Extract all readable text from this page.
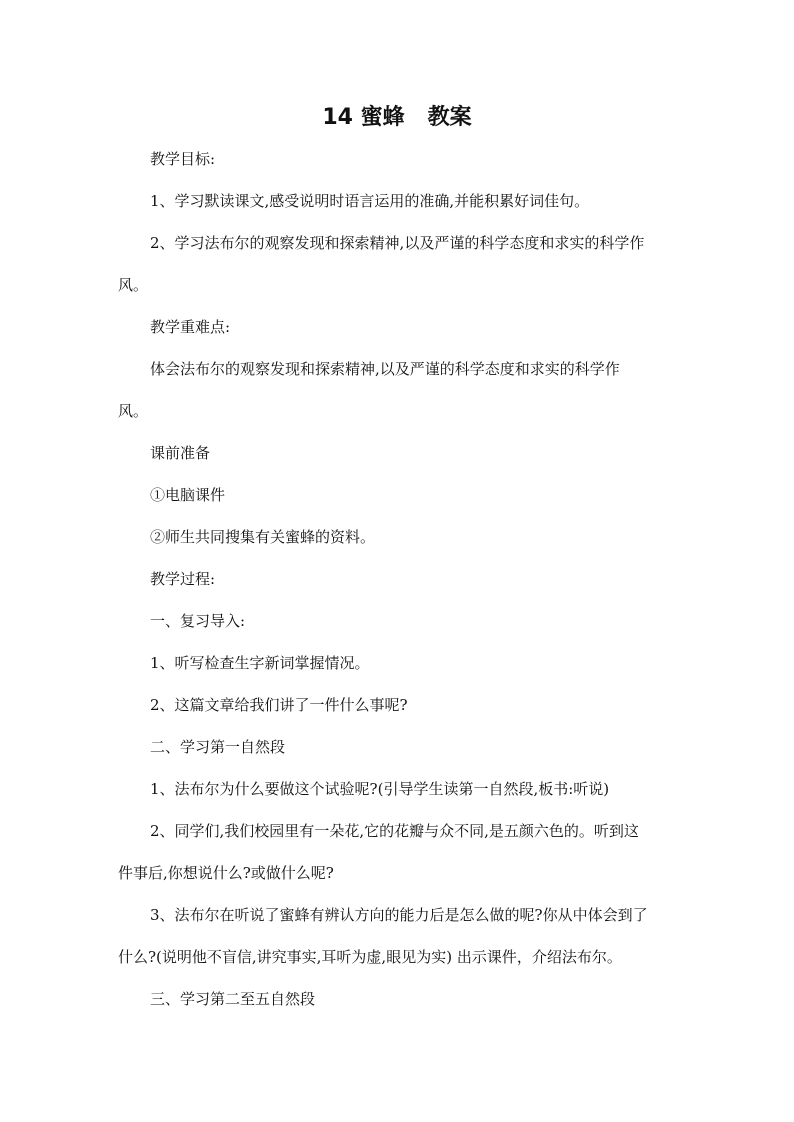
14 蜜蜂   教案
教学目标:
1、学习默读课文,感受说明时语言运用的准确,并能积累好词佳句。
2、学习法布尔的观察发现和探索精神,以及严谨的科学态度和求实的科学作
风。
教学重难点:
体会法布尔的观察发现和探索精神,以及严谨的科学态度和求实的科学作
风。
课前准备
①电脑课件
②师生共同搜集有关蜜蜂的资料。
教学过程:
一、复习导入:
1、听写检查生字新词掌握情况。
2、这篇文章给我们讲了一件什么事呢?
二、学习第一自然段
1、法布尔为什么要做这个试验呢?(引导学生读第一自然段,板书:听说)
2、同学们,我们校园里有一朵花,它的花瓣与众不同,是五颜六色的。听到这
件事后,你想说什么?或做什么呢?
3、法布尔在听说了蜜蜂有辨认方向的能力后是怎么做的呢?你从中体会到了
什么?(说明他不盲信,讲究事实,耳听为虚,眼见为实) 出示课件，介绍法布尔。
三、学习第二至五自然段
